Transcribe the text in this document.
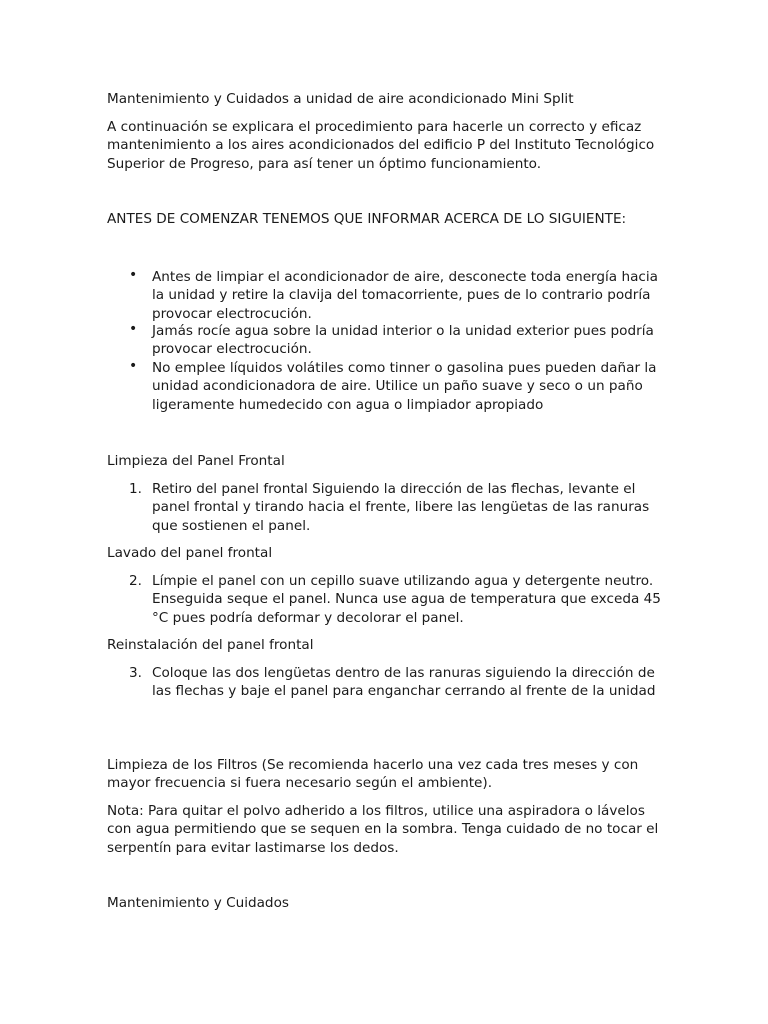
Mantenimiento y Cuidados a unidad de aire acondicionado Mini Split

A continuación se explicara el procedimiento para hacerle un correcto y eficaz mantenimiento a los aires acondicionados del edificio P del Instituto Tecnológico Superior de Progreso, para así tener un óptimo funcionamiento.

ANTES DE COMENZAR TENEMOS QUE INFORMAR ACERCA DE LO SIGUIENTE:

• Antes de limpiar el acondicionador de aire, desconecte toda energía hacia la unidad y retire la clavija del tomacorriente, pues de lo contrario podría provocar electrocución.

• Jamás rocíe agua sobre la unidad interior o la unidad exterior pues podría provocar electrocución.

• No emplee líquidos volátiles como tinner o gasolina pues pueden dañar la unidad acondicionadora de aire. Utilice un paño suave y seco o un paño ligeramente humedecido con agua o limpiador apropiado

Limpieza del Panel Frontal

1. Retiro del panel frontal Siguiendo la dirección de las flechas, levante el panel frontal y tirando hacia el frente, libere las lengüetas de las ranuras que sostienen el panel.

Lavado del panel frontal

2. Límpie el panel con un cepillo suave utilizando agua y detergente neutro. Enseguida seque el panel. Nunca use agua de temperatura que exceda 45 °C pues podría deformar y decolorar el panel.

Reinstalación del panel frontal

3. Coloque las dos lengüetas dentro de las ranuras siguiendo la dirección de las flechas y baje el panel para enganchar cerrando al frente de la unidad

Limpieza de los Filtros (Se recomienda hacerlo una vez cada tres meses y con mayor frecuencia si fuera necesario según el ambiente).

Nota: Para quitar el polvo adherido a los filtros, utilice una aspiradora o lávelos con agua permitiendo que se sequen en la sombra. Tenga cuidado de no tocar el serpentín para evitar lastimarse los dedos.

Mantenimiento y Cuidados
